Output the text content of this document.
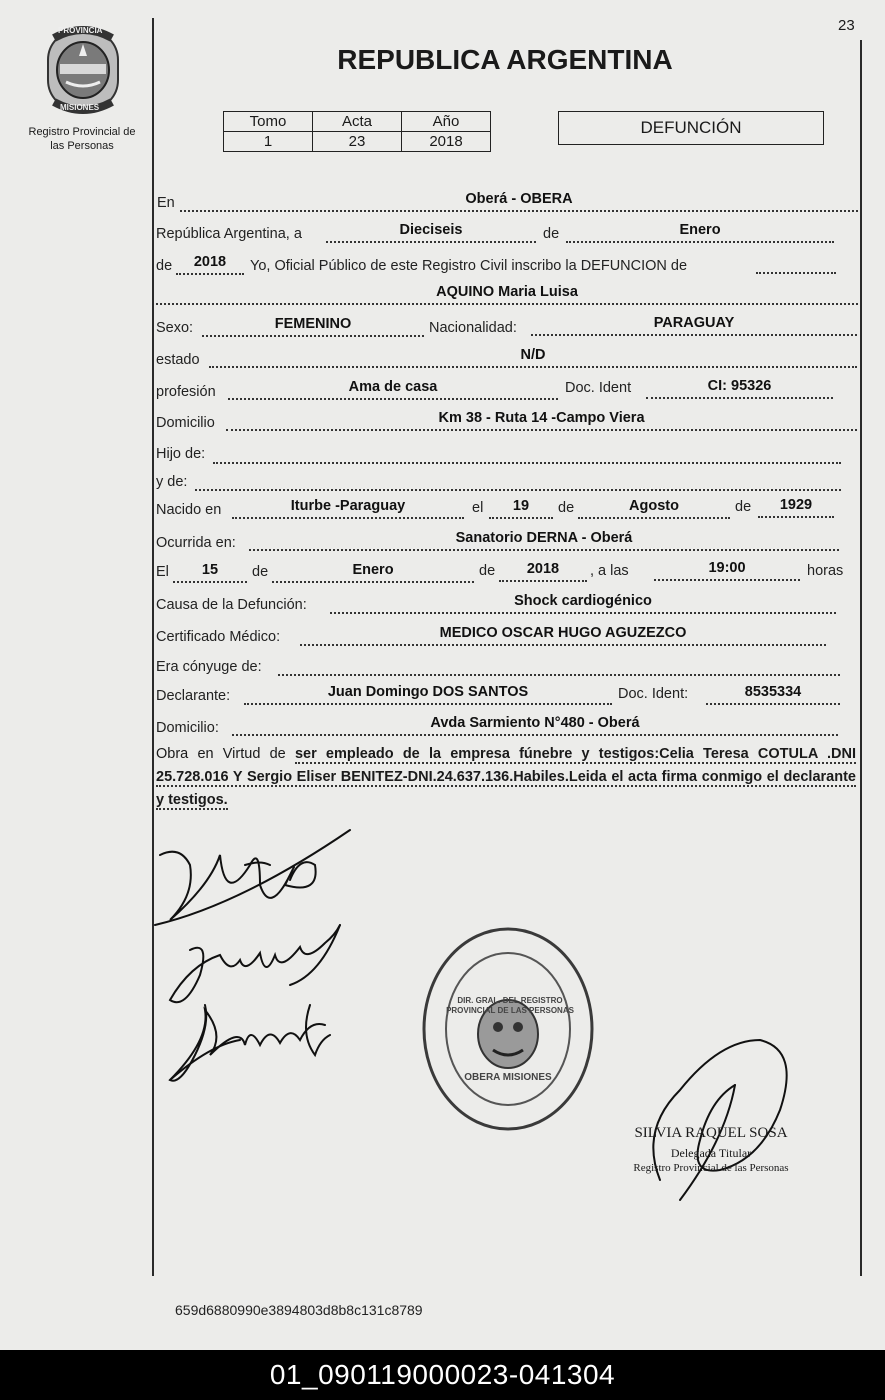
23
PROVINCIA
MISIONES
Registro Provincial de las Personas
REPUBLICA ARGENTINA
Tomo	Acta	Año
1	23	2018
DEFUNCIÓN
En	Oberá - OBERA
República Argentina, a	Dieciseis	de	Enero
de	2018	Yo, Oficial Público de este Registro Civil inscribo la DEFUNCION de
AQUINO Maria Luisa
Sexo:	FEMENINO	Nacionalidad:	PARAGUAY
estado	N/D
profesión	Ama de casa	Doc. Ident	CI: 95326
Domicilio	Km 38 - Ruta 14 -Campo Viera
Hijo de:
y de:
Nacido en	Iturbe -Paraguay	el	19	de	Agosto	de	1929
Ocurrida en:	Sanatorio DERNA - Oberá
El	15	de	Enero	de	2018	, a las	19:00	horas
Causa de la Defunción:	Shock cardiogénico
Certificado Médico:	MEDICO OSCAR HUGO AGUZEZCO
Era cónyuge de:
Declarante:	Juan Domingo DOS SANTOS	Doc. Ident:	8535334
Domicilio:	Avda Sarmiento N°480 - Oberá
Obra en Virtud de ser empleado de la empresa fúnebre y testigos:Celia Teresa COTULA .DNI 25.728.016 Y Sergio Eliser BENITEZ-DNI.24.637.136.Habiles.Leida el acta firma conmigo el declarante y testigos.
DIR. GRAL. DEL REGISTRO PROVINCIAL DE LAS PERSONAS
OBERA MISIONES
SILVIA RAQUEL SOSA
Delegada Titular
Registro Provincial de las Personas
659d6880990e3894803d8b8c131c8789
01_090119000023-041304
